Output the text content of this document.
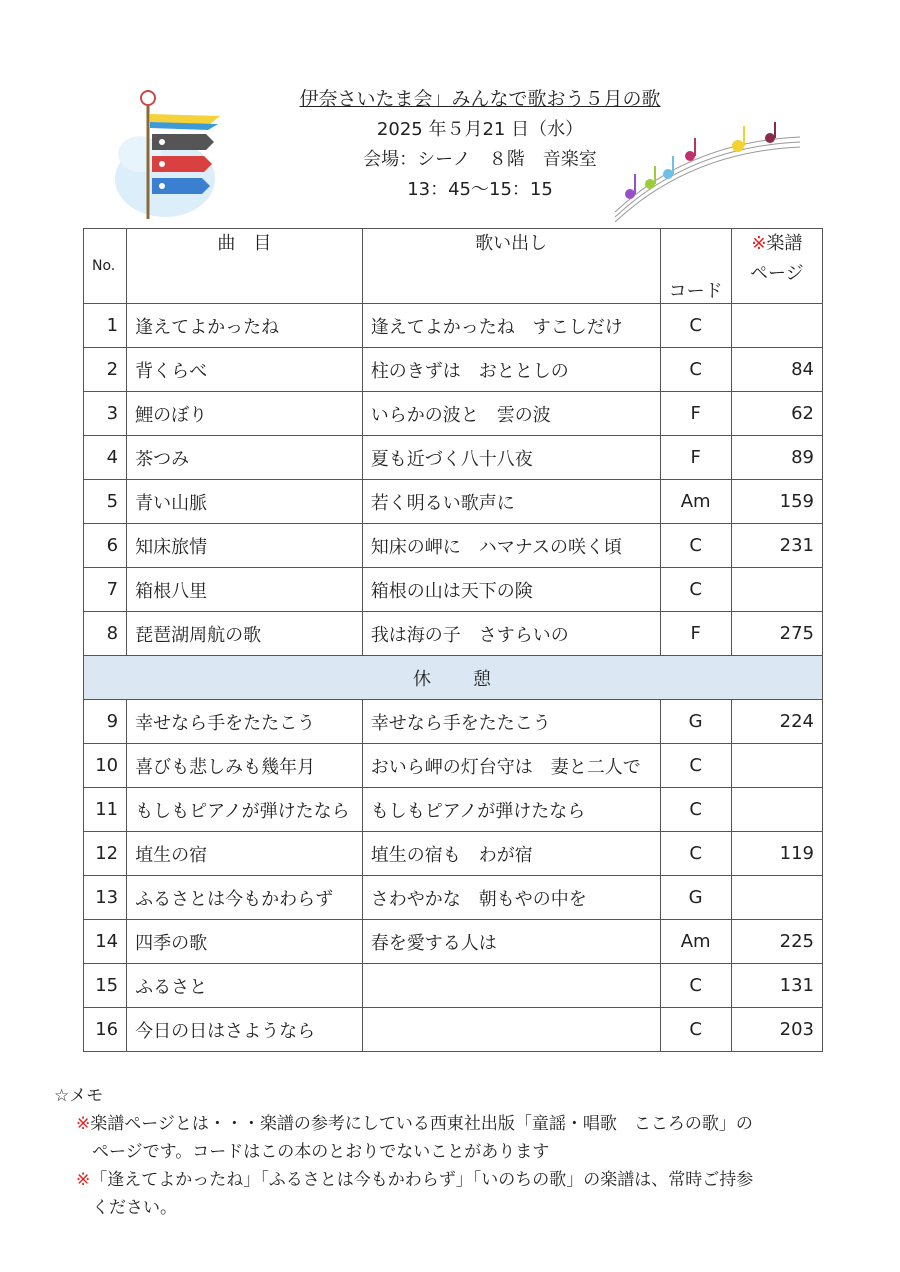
伊奈さいたま会」みんなで歌おう５月の歌
2025 年５月21 日（水）
会場：シーノ　８階　音楽室
13：45～15：15
No.	曲　目	歌い出し	コード	※楽譜
ページ
1	逢えてよかったね	逢えてよかったね　すこしだけ	C	
2	背くらべ	柱のきずは　おととしの	C	84
3	鯉のぼり	いらかの波と　雲の波	F	62
4	茶つみ	夏も近づく八十八夜	F	89
5	青い山脈	若く明るい歌声に	Am	159
6	知床旅情	知床の岬に　ハマナスの咲く頃	C	231
7	箱根八里	箱根の山は天下の険	C	
8	琵琶湖周航の歌	我は海の子　さすらいの	F	275
休　　憩				
9	幸せなら手をたたこう	幸せなら手をたたこう	G	224
10	喜びも悲しみも幾年月	おいら岬の灯台守は　妻と二人で	C	
11	もしもピアノが弾けたなら	もしもピアノが弾けたなら	C	
12	埴生の宿	埴生の宿も　わが宿	C	119
13	ふるさとは今もかわらず	さわやかな　朝もやの中を	G	
14	四季の歌	春を愛する人は	Am	225
15	ふるさと		C	131
16	今日の日はさようなら		C	203
☆メモ
※楽譜ページとは・・・楽譜の参考にしている西東社出版「童謡・唱歌　こころの歌」の
ページです。コードはこの本のとおりでないことがあります
※「逢えてよかったね」「ふるさとは今もかわらず」「いのちの歌」の楽譜は、常時ご持参
ください。
